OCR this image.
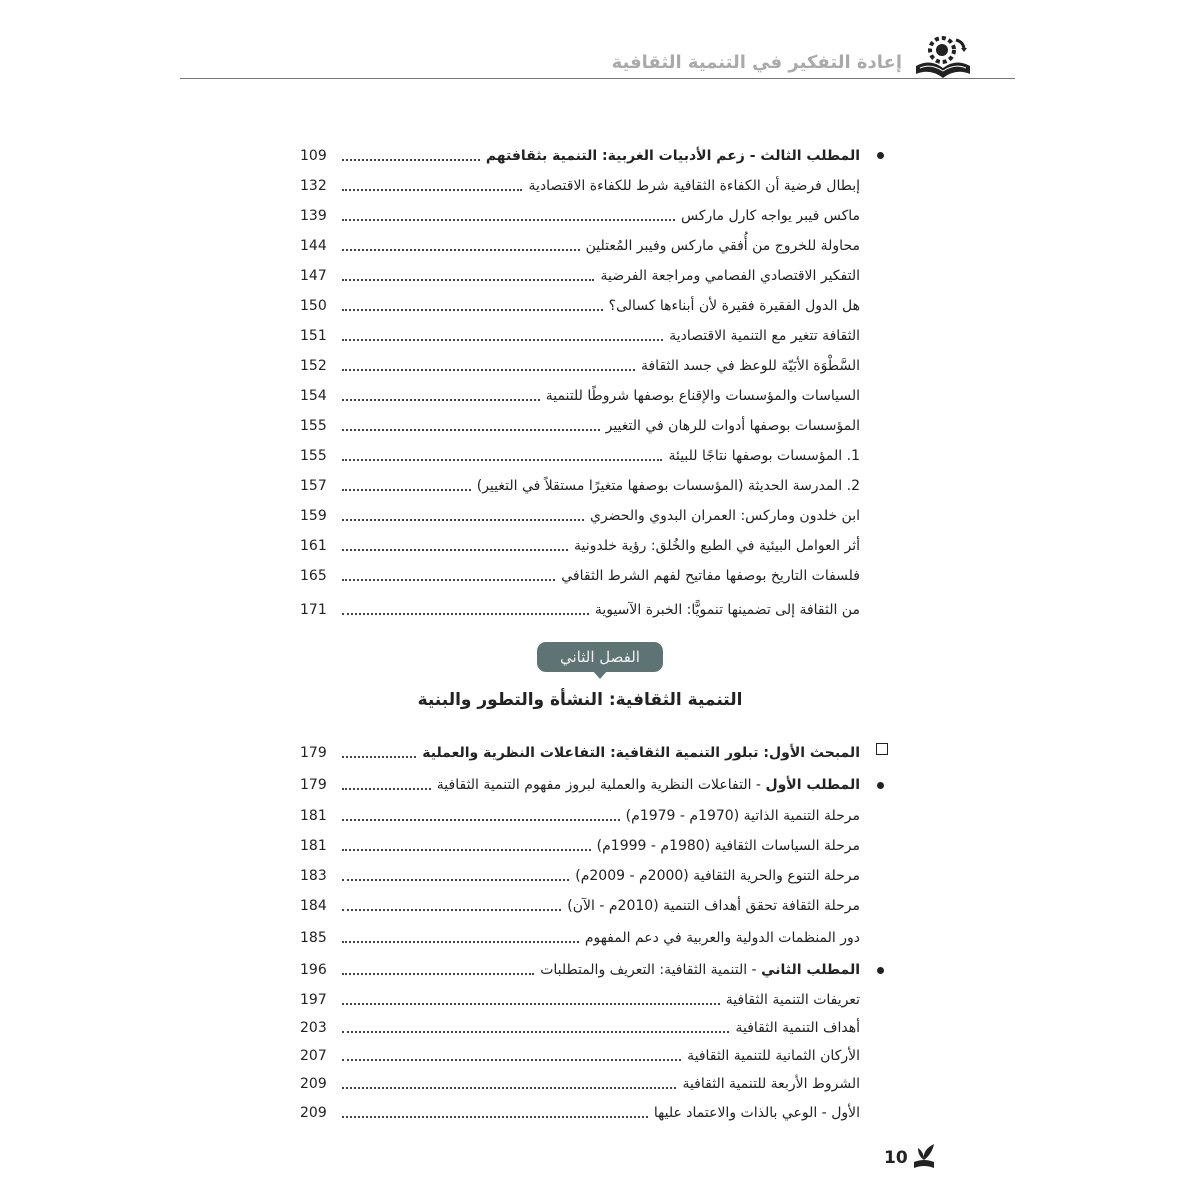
إعادة التفكير في التنمية الثقافية
المطلب الثالث - زعم الأدبيات الغربية: التنمية بثقافتهم
109
إبطال فرضية أن الكفاءة الثقافية شرط للكفاءة الاقتصادية
132
ماكس فيبر يواجه كارل ماركس
139
محاولة للخروج من أُفقي ماركس وفيبر المُعتلين
144
التفكير الاقتصادي الفصامي ومراجعة الفرضية
147
هل الدول الفقيرة فقيرة لأن أبناءها كسالى؟
150
الثقافة تتغير مع التنمية الاقتصادية
151
السَّطْوَة الأبَيّة للوعظ في جسد الثقافة
152
السياسات والمؤسسات والإقناع بوصفها شروطًا للتنمية
154
المؤسسات بوصفها أدوات للرهان في التغيير
155
1. المؤسسات بوصفها نتاجًا للبيئة
155
2. المدرسة الحديثة (المؤسسات بوصفها متغيرًا مستقلاً في التغيير)
157
ابن خلدون وماركس: العمران البدوي والحضري
159
أثر العوامل البيئية في الطبع والخُلق: رؤية خلدونية
161
فلسفات التاريخ بوصفها مفاتيح لفهم الشرط الثقافي
165
من الثقافة إلى تضمينها تنمويًّا: الخبرة الآسيوية
171
الفصل الثاني
التنمية الثقافية: النشأة والتطور والبنية
المبحث الأول: تبلور التنمية الثقافية: التفاعلات النظرية والعملية
179
المطلب الأول - التفاعلات النظرية والعملية لبروز مفهوم التنمية الثقافية
179
مرحلة التنمية الذاتية (1970م - 1979م)
181
مرحلة السياسات الثقافية (1980م - 1999م)
181
مرحلة التنوع والحرية الثقافية (2000م - 2009م)
183
مرحلة الثقافة تحقق أهداف التنمية (2010م - الآن)
184
دور المنظمات الدولية والعربية في دعم المفهوم
185
المطلب الثاني - التنمية الثقافية: التعريف والمتطلبات
196
تعريفات التنمية الثقافية
197
أهداف التنمية الثقافية
203
الأركان الثمانية للتنمية الثقافية
207
الشروط الأربعة للتنمية الثقافية
209
الأول - الوعي بالذات والاعتماد عليها
209
10
